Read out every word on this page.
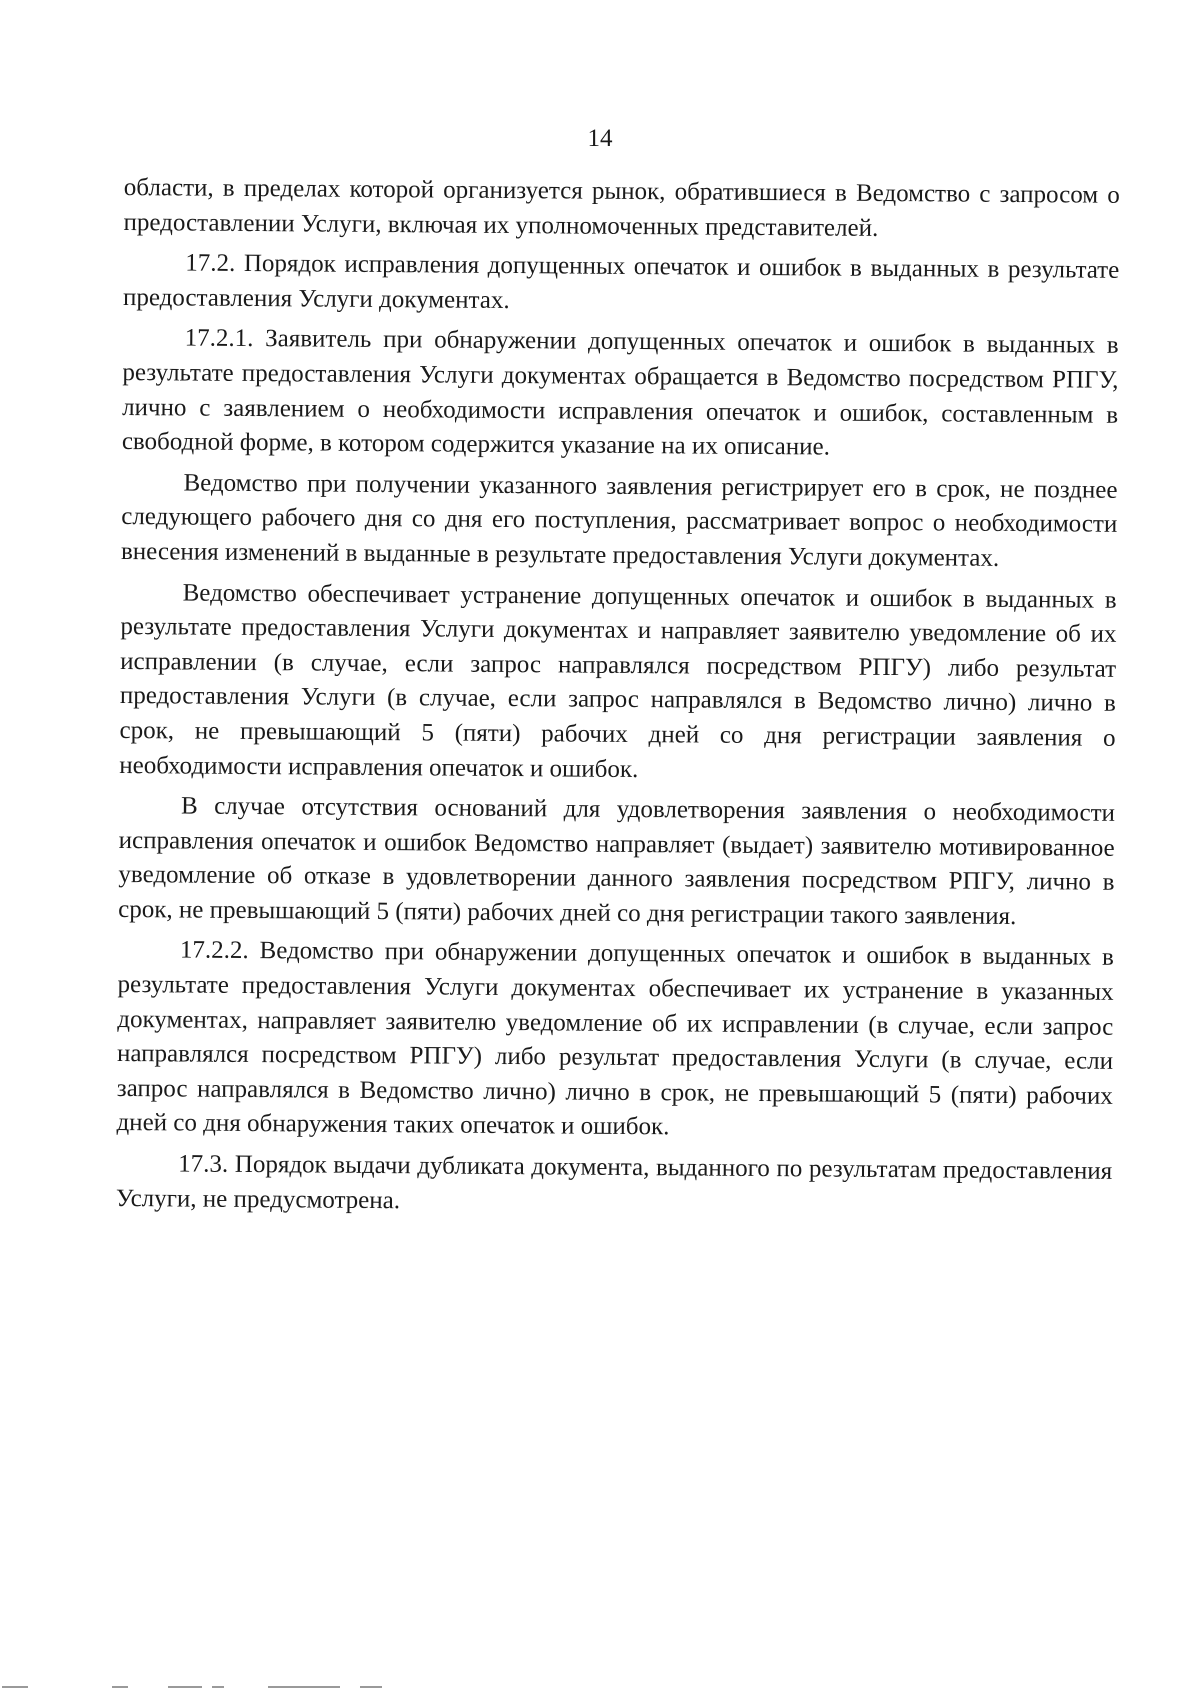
14

области, в пределах которой организуется рынок, обратившиеся в Ведомство с запросом о предоставлении Услуги, включая их уполномоченных представителей.

17.2. Порядок исправления допущенных опечаток и ошибок в выданных в результате предоставления Услуги документах.

17.2.1. Заявитель при обнаружении допущенных опечаток и ошибок в выданных в результате предоставления Услуги документах обращается в Ведомство посредством РПГУ, лично с заявлением о необходимости исправления опечаток и ошибок, составленным в свободной форме, в котором содержится указание на их описание.

Ведомство при получении указанного заявления регистрирует его в срок, не позднее следующего рабочего дня со дня его поступления, рассматривает вопрос о необходимости внесения изменений в выданные в результате предоставления Услуги документах.

Ведомство обеспечивает устранение допущенных опечаток и ошибок в выданных в результате предоставления Услуги документах и направляет заявителю уведомление об их исправлении (в случае, если запрос направлялся посредством РПГУ) либо результат предоставления Услуги (в случае, если запрос направлялся в Ведомство лично) лично в срок, не превышающий 5 (пяти) рабочих дней со дня регистрации заявления о необходимости исправления опечаток и ошибок.

В случае отсутствия оснований для удовлетворения заявления о необходимости исправления опечаток и ошибок Ведомство направляет (выдает) заявителю мотивированное уведомление об отказе в удовлетворении данного заявления посредством РПГУ, лично в срок, не превышающий 5 (пяти) рабочих дней со дня регистрации такого заявления.

17.2.2. Ведомство при обнаружении допущенных опечаток и ошибок в выданных в результате предоставления Услуги документах обеспечивает их устранение в указанных документах, направляет заявителю уведомление об их исправлении (в случае, если запрос направлялся посредством РПГУ) либо результат предоставления Услуги (в случае, если запрос направлялся в Ведомство лично) лично в срок, не превышающий 5 (пяти) рабочих дней со дня обнаружения таких опечаток и ошибок.

17.3. Порядок выдачи дубликата документа, выданного по результатам предоставления Услуги, не предусмотрена.
